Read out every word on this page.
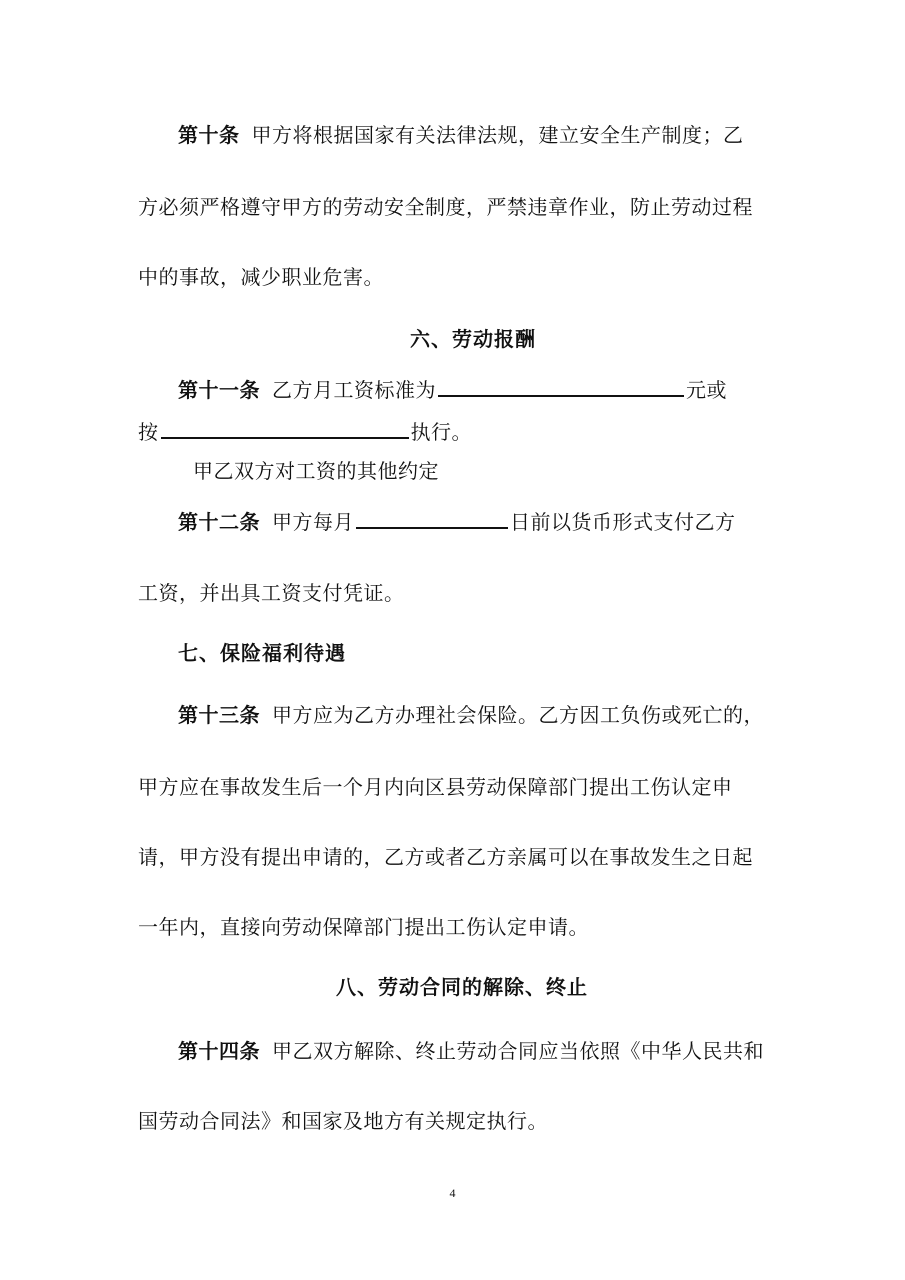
第十条 甲方将根据国家有关法律法规，建立安全生产制度；乙
方必须严格遵守甲方的劳动安全制度，严禁违章作业，防止劳动过程
中的事故，减少职业危害。
六、劳动报酬
第十一条 乙方月工资标准为	元或
按	执行。
甲乙双方对工资的其他约定
第十二条 甲方每月	日前以货币形式支付乙方
工资，并出具工资支付凭证。
七、保险福利待遇
第十三条 甲方应为乙方办理社会保险。乙方因工负伤或死亡的，
甲方应在事故发生后一个月内向区县劳动保障部门提出工伤认定申
请，甲方没有提出申请的，乙方或者乙方亲属可以在事故发生之日起
一年内，直接向劳动保障部门提出工伤认定申请。
八、劳动合同的解除、终止
第十四条 甲乙双方解除、终止劳动合同应当依照《中华人民共和
国劳动合同法》和国家及地方有关规定执行。
4
